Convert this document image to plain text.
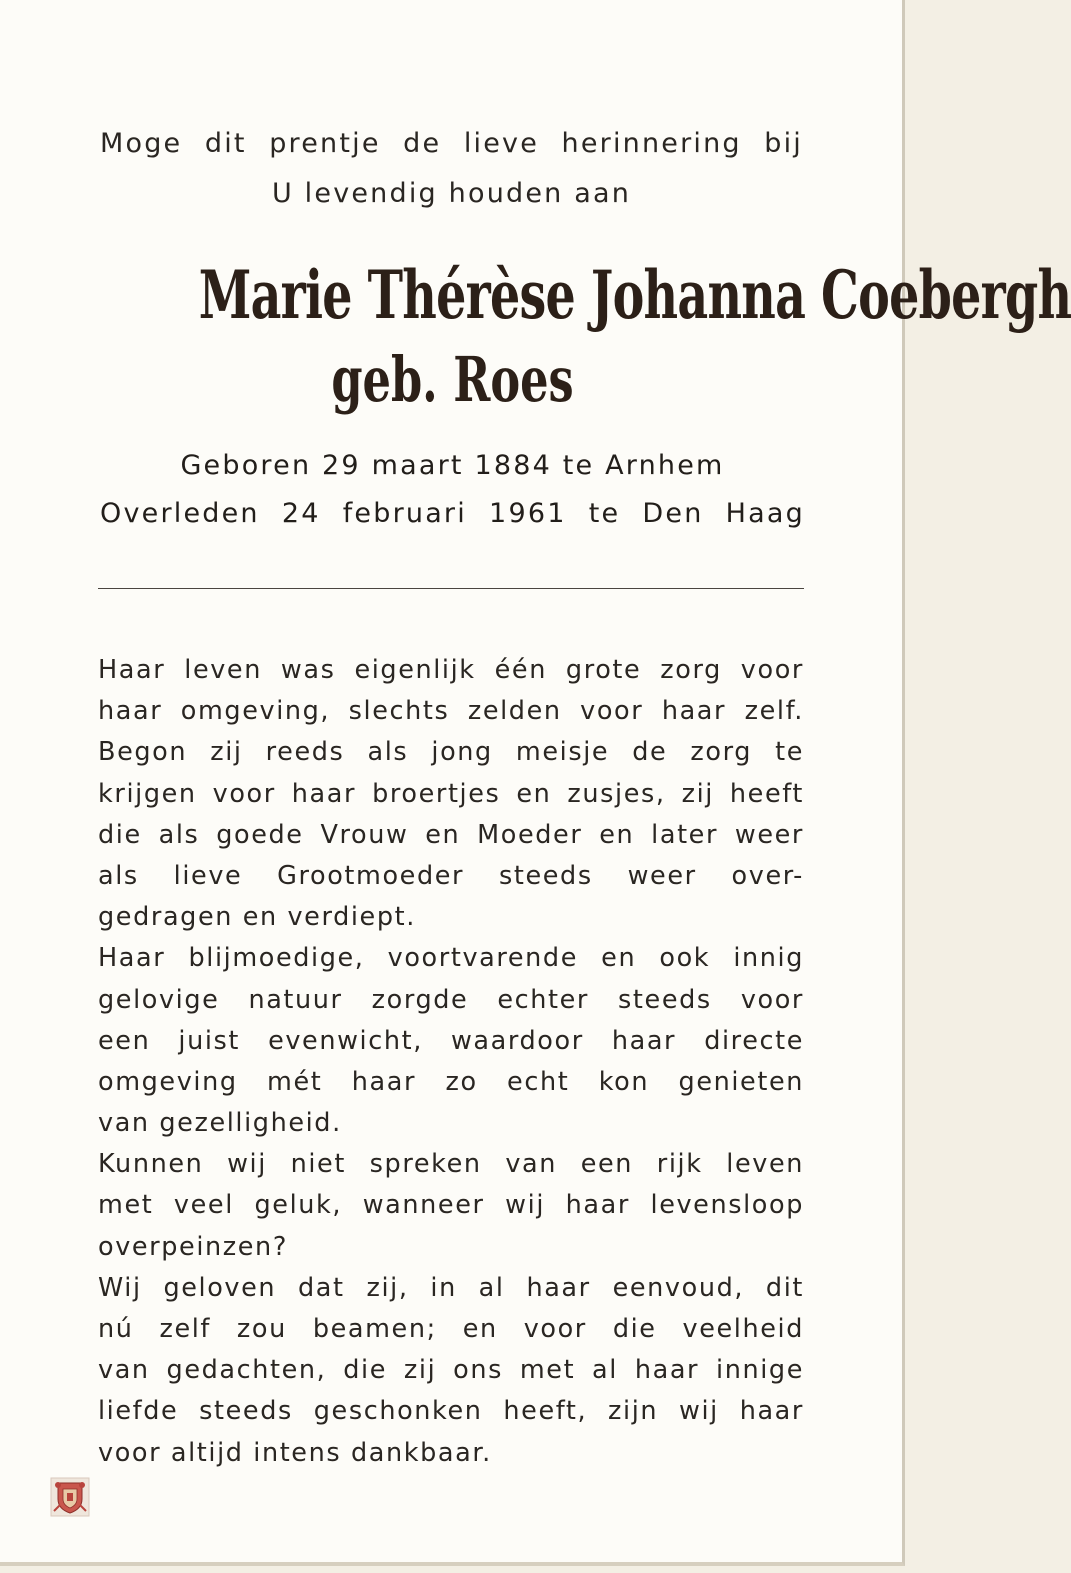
Moge dit prentje de lieve herinnering bij

U levendig houden aan

Marie Thérèse Johanna Coebergh
geb. Roes

Geboren 29 maart 1884 te Arnhem

Overleden 24 februari 1961 te Den Haag

Haar leven was eigenlijk één grote zorg voor
haar omgeving, slechts zelden voor haar zelf.
Begon zij reeds als jong meisje de zorg te
krijgen voor haar broertjes en zusjes, zij heeft
die als goede Vrouw en Moeder en later weer
als lieve Grootmoeder steeds weer over-
gedragen en verdiept.
Haar blijmoedige, voortvarende en ook innig
gelovige natuur zorgde echter steeds voor
een juist evenwicht, waardoor haar directe
omgeving mét haar zo echt kon genieten
van gezelligheid.
Kunnen wij niet spreken van een rijk leven
met veel geluk, wanneer wij haar levensloop
overpeinzen?
Wij geloven dat zij, in al haar eenvoud, dit
nú zelf zou beamen; en voor die veelheid
van gedachten, die zij ons met al haar innige
liefde steeds geschonken heeft, zijn wij haar
voor altijd intens dankbaar.
